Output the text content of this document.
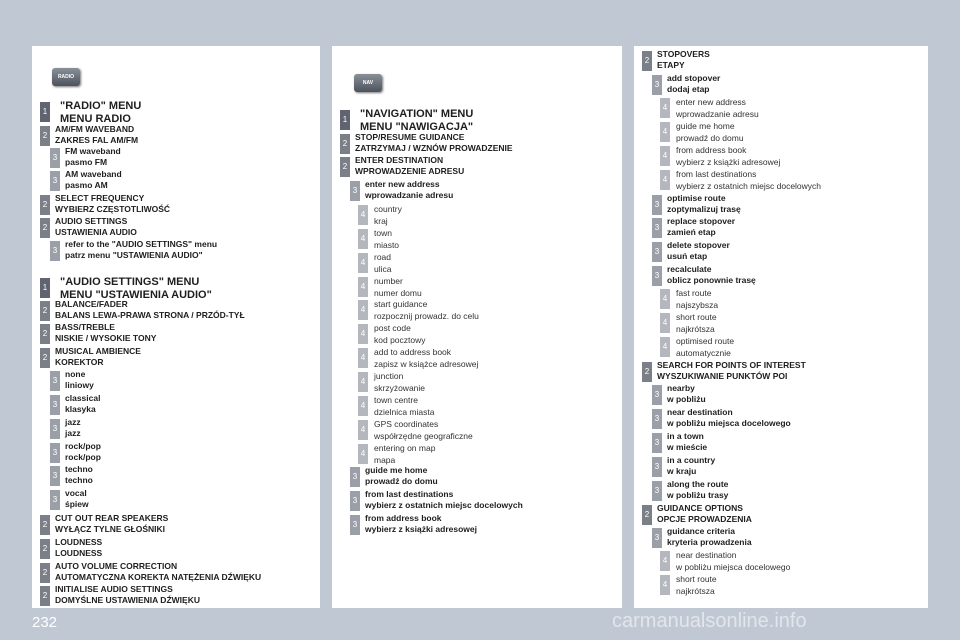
RADIO
1 "RADIO" MENU
MENU RADIO
2
AM/FM WAVEBAND
ZAKRES FAL AM/FM
3
FM waveband
pasmo FM
3
AM waveband
pasmo AM
2
SELECT FREQUENCY
WYBIERZ CZĘSTOTLIWOŚĆ
2
AUDIO SETTINGS
USTAWIENIA AUDIO
3
refer to the "AUDIO SETTINGS" menu
patrz menu "USTAWIENIA AUDIO"
1 "AUDIO SETTINGS" MENU
MENU "USTAWIENIA AUDIO"
2
BALANCE/FADER
BALANS LEWA-PRAWA STRONA / PRZÓD-TYŁ
2
BASS/TREBLE
NISKIE / WYSOKIE TONY
2
MUSICAL AMBIENCE
KOREKTOR
3
none
liniowy
3
classical
klasyka
3
jazz
jazz
3
rock/pop
rock/pop
3
techno
techno
3
vocal
śpiew
2
CUT OUT REAR SPEAKERS
WYŁĄCZ TYLNE GŁOŚNIKI
2
LOUDNESS
LOUDNESS
2
AUTO VOLUME CORRECTION
AUTOMATYCZNA KOREKTA NATĘŻENIA DŹWIĘKU
2
INITIALISE AUDIO SETTINGS
DOMYŚLNE USTAWIENIA DŹWIĘKU
NAV
1 "NAVIGATION" MENU
MENU "NAWIGACJA"
2
STOP/RESUME GUIDANCE
ZATRZYMAJ / WZNÓW PROWADZENIE
2
ENTER DESTINATION
WPROWADZENIE ADRESU
3
enter new address
wprowadzanie adresu
4
country
kraj
4
town
miasto
4
road
ulica
4
number
numer domu
4
start guidance
rozpocznij prowadz. do celu
4
post code
kod pocztowy
4
add to address book
zapisz w książce adresowej
4
junction
skrzyżowanie
4
town centre
dzielnica miasta
4
GPS coordinates
współrzędne geograficzne
4
entering on map
mapa
3
guide me home
prowadź do domu
3
from last destinations
wybierz z ostatnich miejsc docelowych
3
from address book
wybierz z książki adresowej
2
STOPOVERS
ETAPY
3
add stopover
dodaj etap
4
enter new address
wprowadzanie adresu
4
guide me home
prowadź do domu
4
from address book
wybierz z książki adresowej
4
from last destinations
wybierz z ostatnich miejsc docelowych
3
optimise route
zoptymalizuj trasę
3
replace stopover
zamień etap
3
delete stopover
usuń etap
3
recalculate
oblicz ponownie trasę
4
fast route
najszybsza
4
short route
najkrótsza
4
optimised route
automatycznie
2
SEARCH FOR POINTS OF INTEREST
WYSZUKIWANIE PUNKTÓW POI
3
nearby
w pobliżu
3
near destination
w pobliżu miejsca docelowego
3
in a town
w mieście
3
in a country
w kraju
3
along the route
w pobliżu trasy
2
GUIDANCE OPTIONS
OPCJE PROWADZENIA
3
guidance criteria
kryteria prowadzenia
4
near destination
w pobliżu miejsca docelowego
4
short route
najkrótsza
232	carmanualsonline.info
